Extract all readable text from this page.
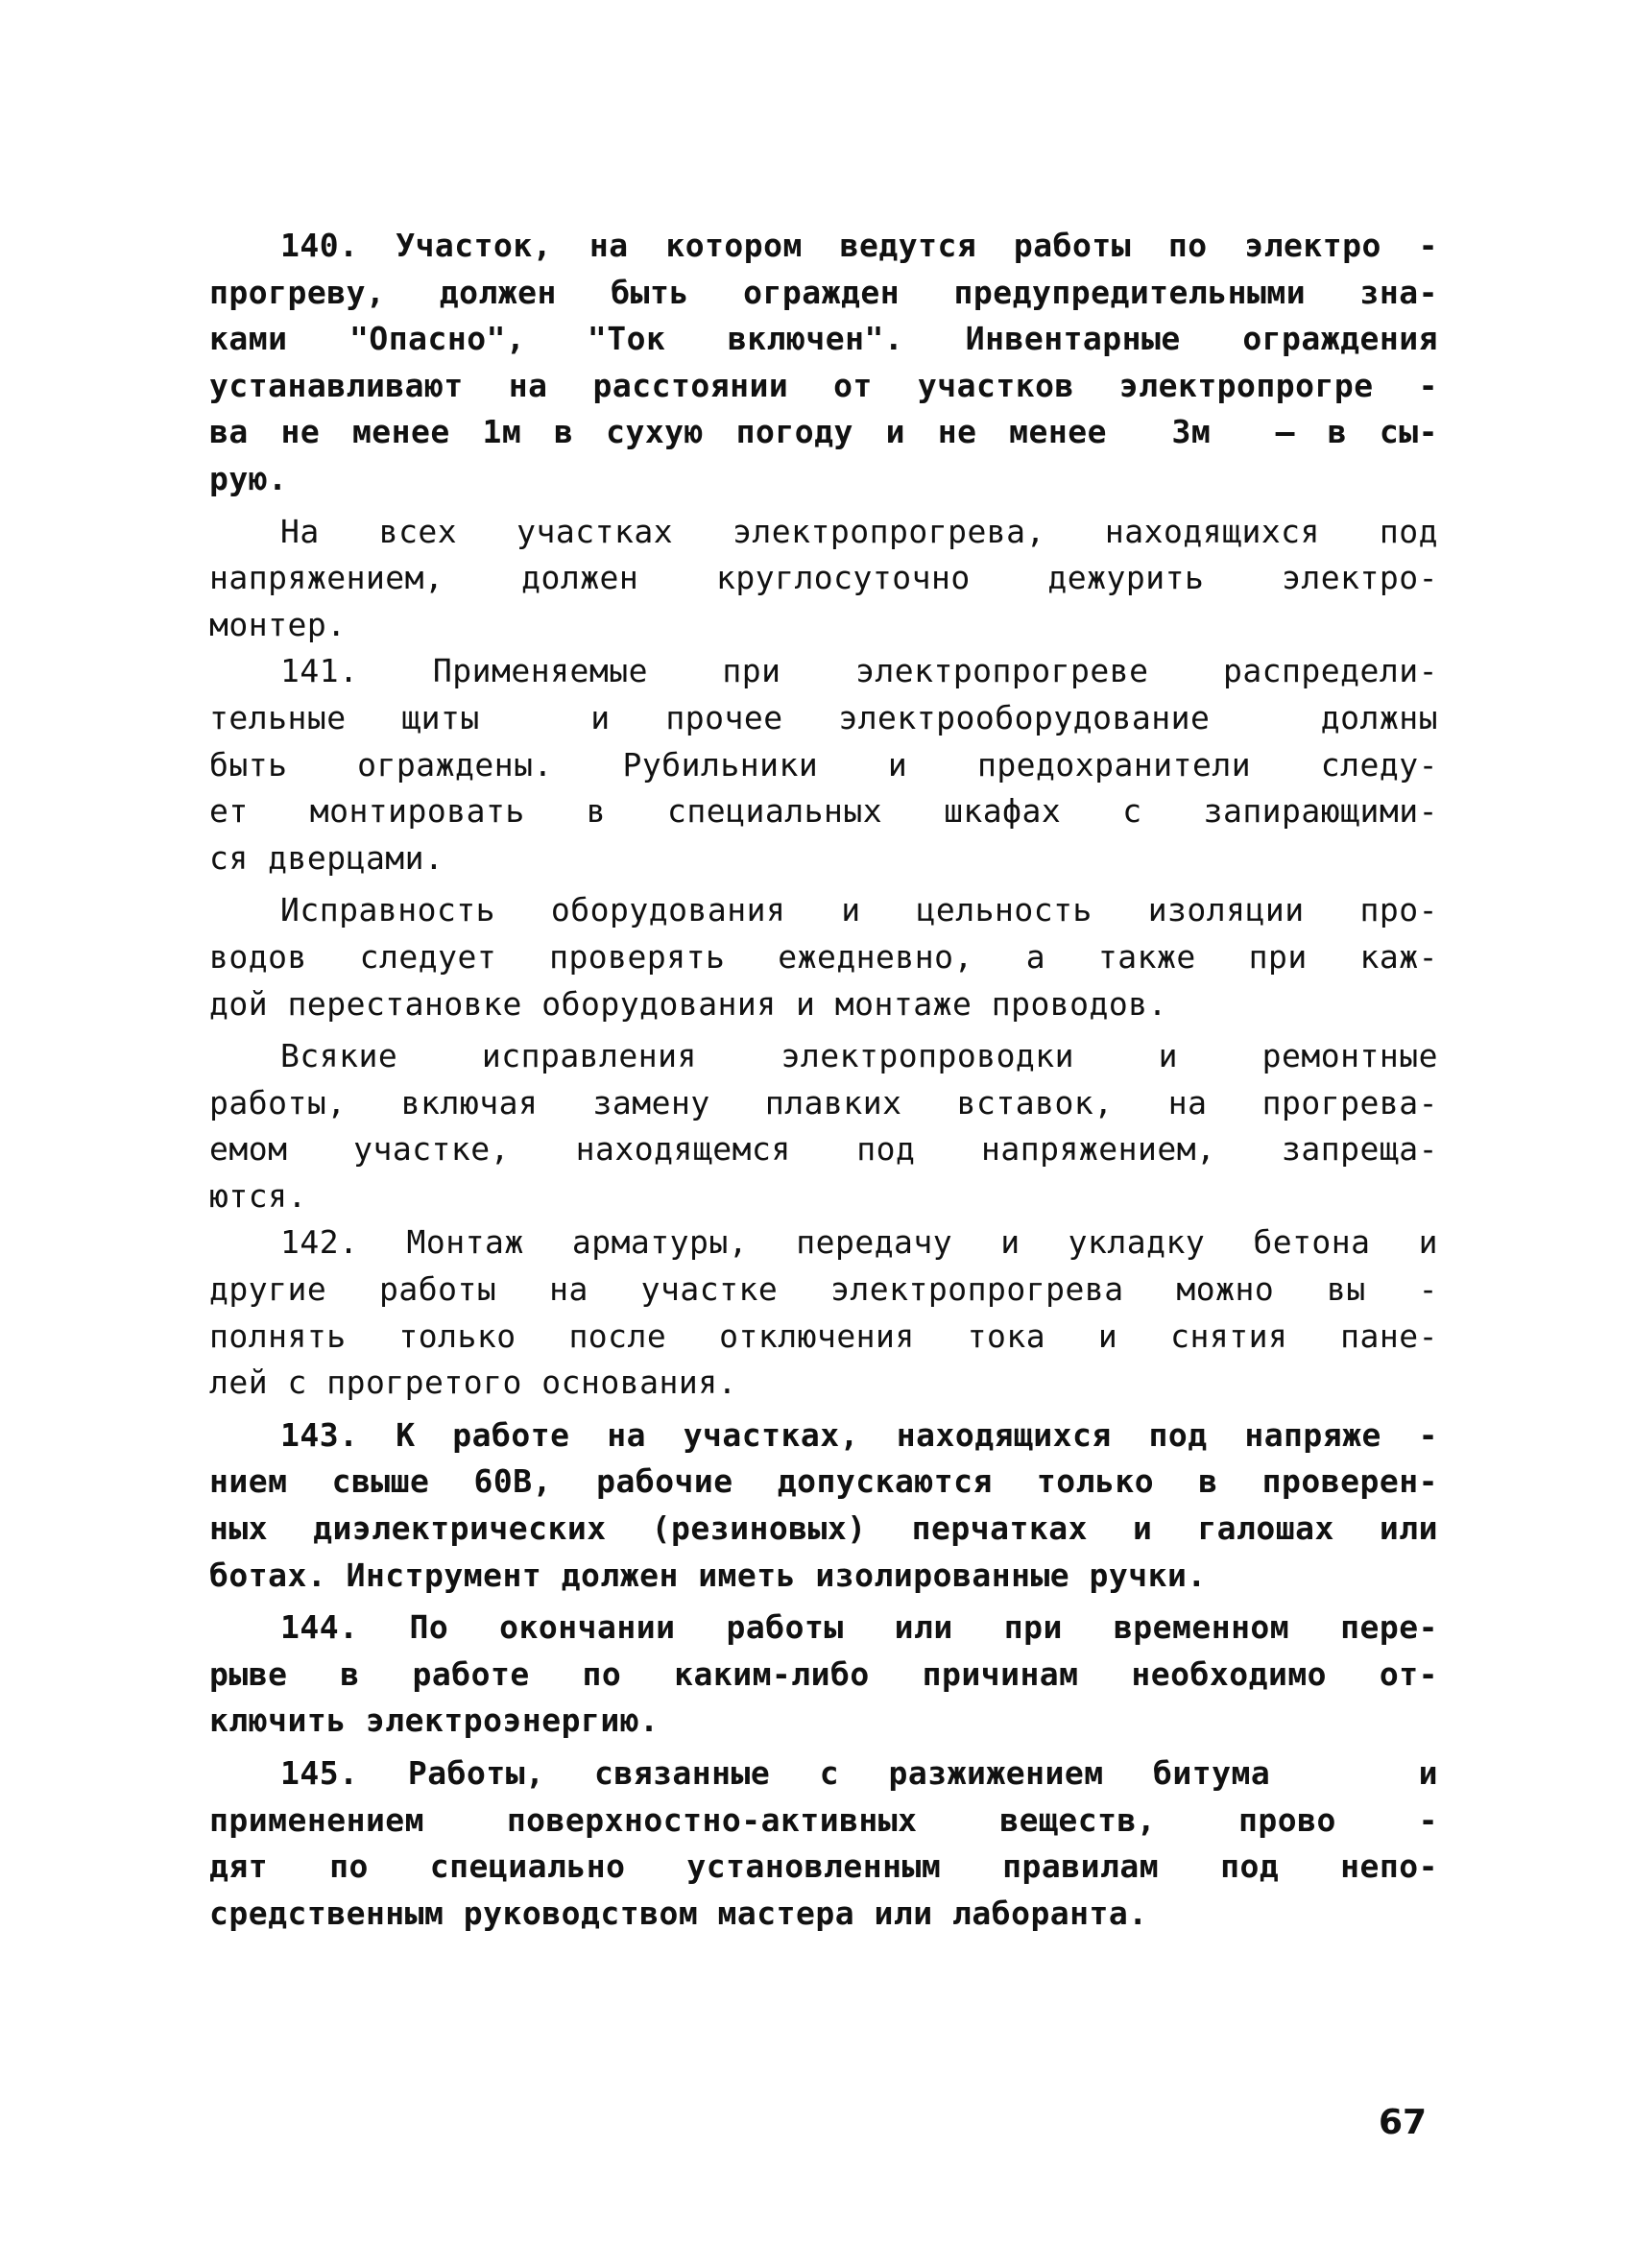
140. Участок, на котором ведутся работы по электро -
прогреву, должен быть огражден предупредительными зна-
ками "Опасно", "Ток включен". Инвентарные ограждения
устанавливают на расстоянии от участков электропрогре -
ва не менее 1м в сухую погоду и не менее  3м  — в сы-
рую.
На всех участках электропрогрева, находящихся под
напряжением, должен круглосуточно дежурить электро-
монтер.
141. Применяемые при электропрогреве распредели-
тельные щиты  и прочее электрооборудование  должны
быть ограждены. Рубильники и предохранители следу-
ет монтировать в специальных шкафах с запирающими-
ся дверцами.
Исправность оборудования и цельность изоляции про-
водов следует проверять ежедневно, а также при каж-
дой перестановке оборудования и монтаже проводов.
Всякие исправления электропроводки и ремонтные
работы, включая замену плавких вставок, на прогрева-
емом участке, находящемся под напряжением, запреща-
ются.
142. Монтаж арматуры, передачу и укладку бетона и
другие работы на участке электропрогрева можно вы -
полнять только после отключения тока и снятия пане-
лей с прогретого основания.
143. К работе на участках, находящихся под напряже -
нием свыше 60В, рабочие допускаются только в проверен-
ных диэлектрических (резиновых) перчатках и галошах или
ботах. Инструмент должен иметь изолированные ручки.
144. По окончании работы или при временном пере-
рыве в работе по каким-либо причинам необходимо от-
ключить электроэнергию.
145. Работы, связанные с разжижением битума   и
применением поверхностно-активных веществ, прово -
дят по специально установленным правилам под непо-
средственным руководством мастера или лаборанта.
67
